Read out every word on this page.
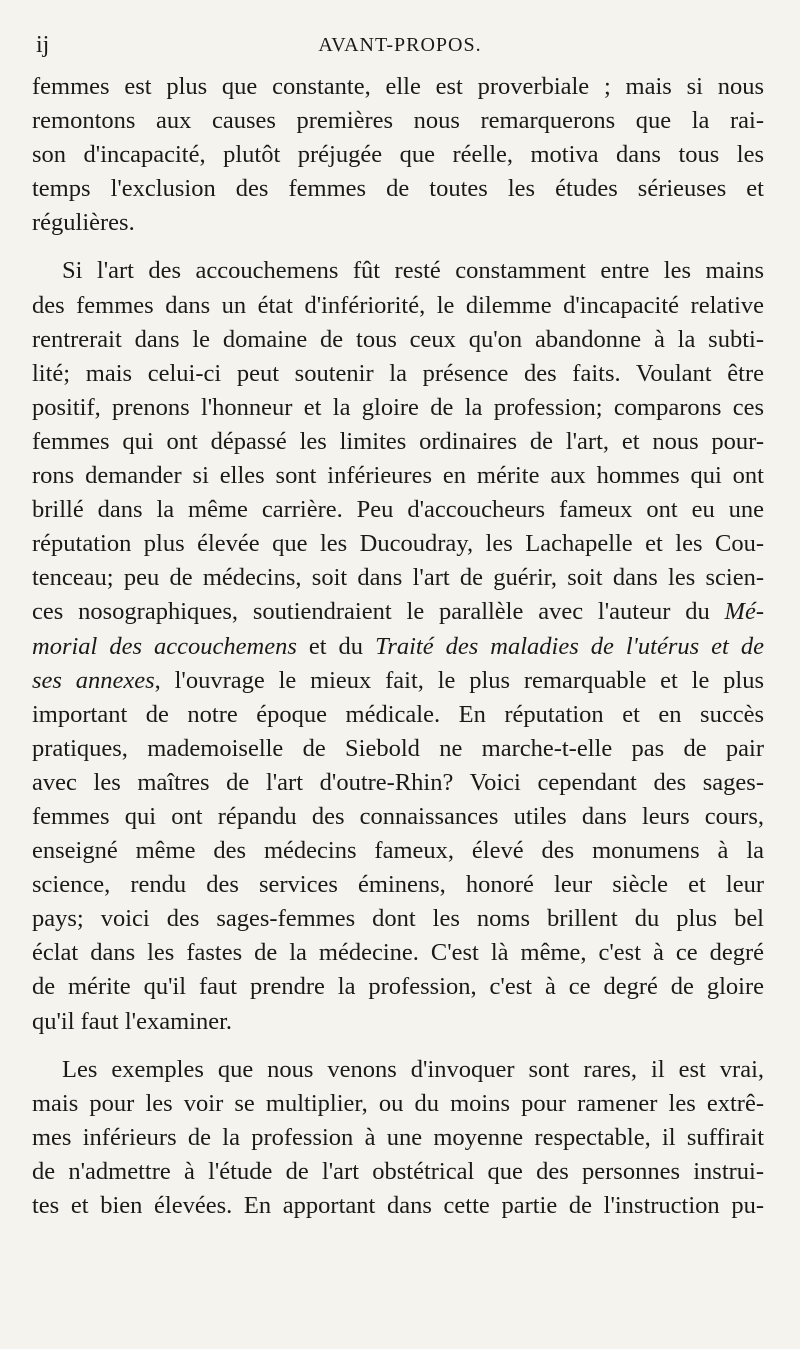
ij	AVANT-PROPOS.
femmes est plus que constante, elle est proverbiale ; mais si nous
remontons aux causes premières nous remarquerons que la rai-
son d'incapacité, plutôt préjugée que réelle, motiva dans tous les
temps l'exclusion des femmes de toutes les études sérieuses et
régulières.
Si l'art des accouchemens fût resté constamment entre les mains
des femmes dans un état d'infériorité, le dilemme d'incapacité relative
rentrerait dans le domaine de tous ceux qu'on abandonne à la subti-
lité; mais celui-ci peut soutenir la présence des faits. Voulant être
positif, prenons l'honneur et la gloire de la profession; comparons ces
femmes qui ont dépassé les limites ordinaires de l'art, et nous pour-
rons demander si elles sont inférieures en mérite aux hommes qui ont
brillé dans la même carrière. Peu d'accoucheurs fameux ont eu une
réputation plus élevée que les Ducoudray, les Lachapelle et les Cou-
tenceau; peu de médecins, soit dans l'art de guérir, soit dans les scien-
ces nosographiques, soutiendraient le parallèle avec l'auteur du Mé-
morial des accouchemens et du Traité des maladies de l'utérus et de
ses annexes, l'ouvrage le mieux fait, le plus remarquable et le plus
important de notre époque médicale. En réputation et en succès
pratiques, mademoiselle de Siebold ne marche-t-elle pas de pair
avec les maîtres de l'art d'outre-Rhin? Voici cependant des sages-
femmes qui ont répandu des connaissances utiles dans leurs cours,
enseigné même des médecins fameux, élevé des monumens à la
science, rendu des services éminens, honoré leur siècle et leur
pays; voici des sages-femmes dont les noms brillent du plus bel
éclat dans les fastes de la médecine. C'est là même, c'est à ce degré
de mérite qu'il faut prendre la profession, c'est à ce degré de gloire
qu'il faut l'examiner.
Les exemples que nous venons d'invoquer sont rares, il est vrai,
mais pour les voir se multiplier, ou du moins pour ramener les extrê-
mes inférieurs de la profession à une moyenne respectable, il suffirait
de n'admettre à l'étude de l'art obstétrical que des personnes instrui-
tes et bien élevées. En apportant dans cette partie de l'instruction pu-
